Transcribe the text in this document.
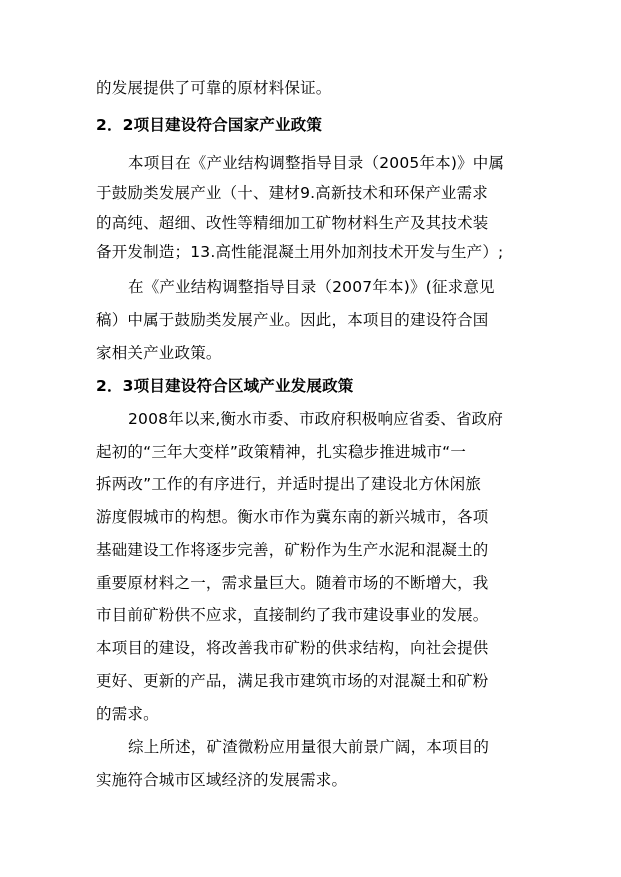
的发展提供了可靠的原材料保证。
2．2项目建设符合国家产业政策
本项目在《产业结构调整指导目录（2005年本)》中属
于鼓励类发展产业（十、建材9.高新技术和环保产业需求
的高纯、超细、改性等精细加工矿物材料生产及其技术装
备开发制造；13.高性能混凝土用外加剂技术开发与生产）;
在《产业结构调整指导目录（2007年本)》(征求意见
稿）中属于鼓励类发展产业。因此，本项目的建设符合国
家相关产业政策。
2．3项目建设符合区域产业发展政策
2008年以来,衡水市委、市政府积极响应省委、省政府
起初的“三年大变样”政策精神，扎实稳步推进城市“一
拆两改”工作的有序进行，并适时提出了建设北方休闲旅
游度假城市的构想。衡水市作为冀东南的新兴城市，各项
基础建设工作将逐步完善，矿粉作为生产水泥和混凝土的
重要原材料之一，需求量巨大。随着市场的不断增大，我
市目前矿粉供不应求，直接制约了我市建设事业的发展。
本项目的建设，将改善我市矿粉的供求结构，向社会提供
更好、更新的产品，满足我市建筑市场的对混凝土和矿粉
的需求。
综上所述，矿渣微粉应用量很大前景广阔，本项目的
实施符合城市区域经济的发展需求。
